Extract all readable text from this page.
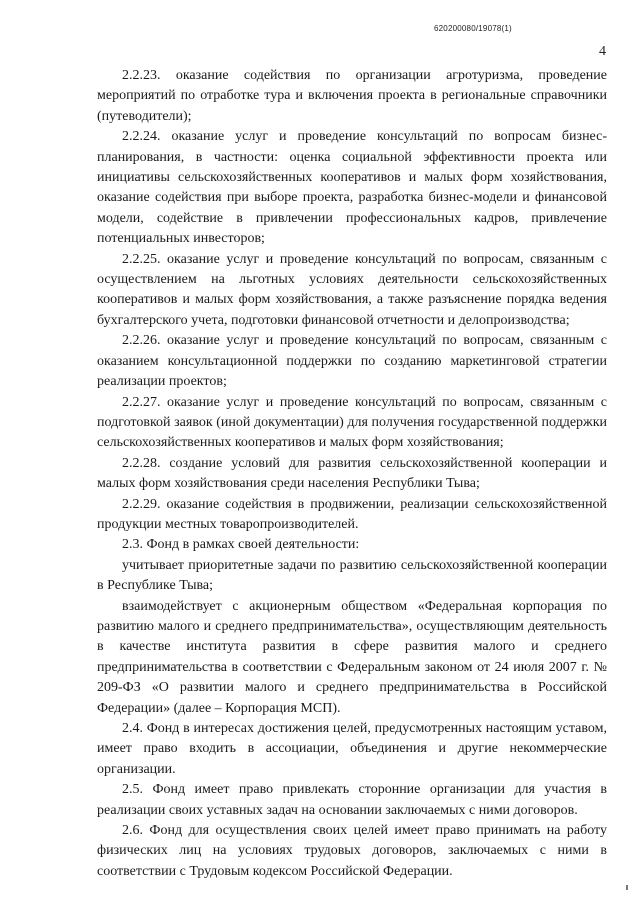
620200080/19078(1)
4

2.2.23. оказание содействия по организации агротуризма, проведение мероприятий по отработке тура и включения проекта в региональные справочники (путеводители);

2.2.24. оказание услуг и проведение консультаций по вопросам бизнес-планирования, в частности: оценка социальной эффективности проекта или инициативы сельскохозяйственных кооперативов и малых форм хозяйствования, оказание содействия при выборе проекта, разработка бизнес-модели и финансовой модели, содействие в привлечении профессиональных кадров, привлечение потенциальных инвесторов;

2.2.25. оказание услуг и проведение консультаций по вопросам, связанным с осуществлением на льготных условиях деятельности сельскохозяйственных кооперативов и малых форм хозяйствования, а также разъяснение порядка ведения бухгалтерского учета, подготовки финансовой отчетности и делопроизводства;

2.2.26. оказание услуг и проведение консультаций по вопросам, связанным с оказанием консультационной поддержки по созданию маркетинговой стратегии реализации проектов;

2.2.27. оказание услуг и проведение консультаций по вопросам, связанным с подготовкой заявок (иной документации) для получения государственной поддержки сельскохозяйственных кооперативов и малых форм хозяйствования;

2.2.28. создание условий для развития сельскохозяйственной кооперации и малых форм хозяйствования среди населения Республики Тыва;

2.2.29. оказание содействия в продвижении, реализации сельскохозяйственной продукции местных товаропроизводителей.

2.3. Фонд в рамках своей деятельности:

учитывает приоритетные задачи по развитию сельскохозяйственной кооперации в Республике Тыва;

взаимодействует с акционерным обществом «Федеральная корпорация по развитию малого и среднего предпринимательства», осуществляющим деятельность в качестве института развития в сфере развития малого и среднего предпринимательства в соответствии с Федеральным законом от 24 июля 2007 г. № 209-ФЗ «О развитии малого и среднего предпринимательства в Российской Федерации» (далее – Корпорация МСП).

2.4. Фонд в интересах достижения целей, предусмотренных настоящим уставом, имеет право входить в ассоциации, объединения и другие некоммерческие организации.

2.5. Фонд имеет право привлекать сторонние организации для участия в реализации своих уставных задач на основании заключаемых с ними договоров.

2.6. Фонд для осуществления своих целей имеет право принимать на работу физических лиц на условиях трудовых договоров, заключаемых с ними в соответствии с Трудовым кодексом Российской Федерации.
